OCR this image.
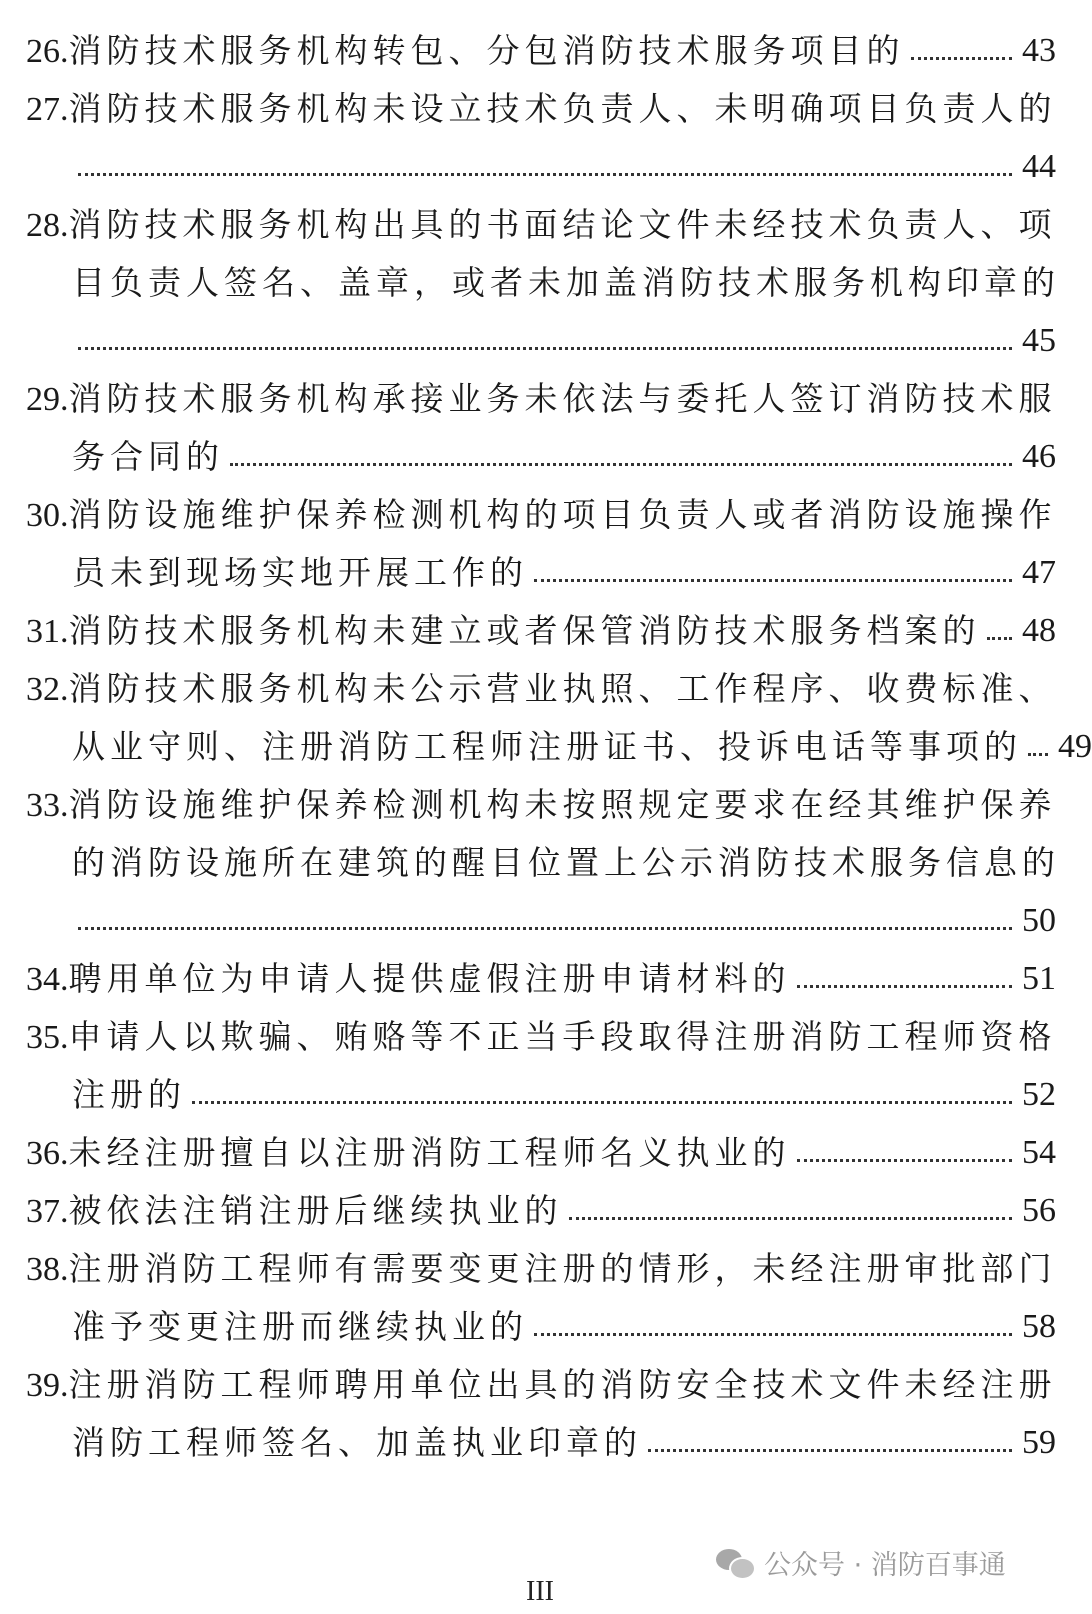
26.消防技术服务机构转包、分包消防技术服务项目的	43
27.消防技术服务机构未设立技术负责人、未明确项目负责人的
44
28.消防技术服务机构出具的书面结论文件未经技术负责人、项
目负责人签名、盖章，或者未加盖消防技术服务机构印章的
45
29.消防技术服务机构承接业务未依法与委托人签订消防技术服
务合同的	46
30.消防设施维护保养检测机构的项目负责人或者消防设施操作
员未到现场实地开展工作的	47
31.消防技术服务机构未建立或者保管消防技术服务档案的 48
32.消防技术服务机构未公示营业执照、工作程序、收费标准、
从业守则、注册消防工程师注册证书、投诉电话等事项的 49
33.消防设施维护保养检测机构未按照规定要求在经其维护保养
的消防设施所在建筑的醒目位置上公示消防技术服务信息的
50
34.聘用单位为申请人提供虚假注册申请材料的	51
35.申请人以欺骗、贿赂等不正当手段取得注册消防工程师资格
注册的	52
36.未经注册擅自以注册消防工程师名义执业的	54
37.被依法注销注册后继续执业的	56
38.注册消防工程师有需要变更注册的情形，未经注册审批部门
准予变更注册而继续执业的	58
39.注册消防工程师聘用单位出具的消防安全技术文件未经注册
消防工程师签名、加盖执业印章的	59
公众号 · 消防百事通
III
